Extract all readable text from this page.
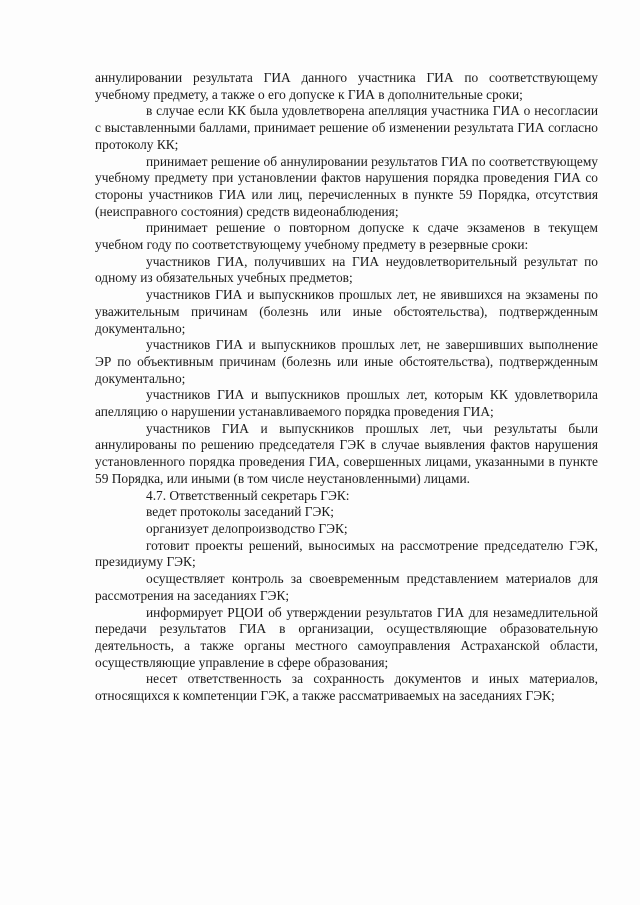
аннулировании результата ГИА данного участника ГИА по соответствующему учебному предмету, а также о его допуске к ГИА в дополнительные сроки;

в случае если КК была удовлетворена апелляция участника ГИА о несогласии с выставленными баллами, принимает решение об изменении результата ГИА согласно протоколу КК;

принимает решение об аннулировании результатов ГИА по соответствующему учебному предмету при установлении фактов нарушения порядка проведения ГИА со стороны участников ГИА или лиц, перечисленных в пункте 59 Порядка, отсутствия (неисправного состояния) средств видеонаблюдения;

принимает решение о повторном допуске к сдаче экзаменов в текущем учебном году по соответствующему учебному предмету в резервные сроки:

участников ГИА, получивших на ГИА неудовлетворительный результат по одному из обязательных учебных предметов;

участников ГИА и выпускников прошлых лет, не явившихся на экзамены по уважительным причинам (болезнь или иные обстоятельства), подтвержденным документально;

участников ГИА и выпускников прошлых лет, не завершивших выполнение ЭР по объективным причинам (болезнь или иные обстоятельства), подтвержденным документально;

участников ГИА и выпускников прошлых лет, которым КК удовлетворила апелляцию о нарушении устанавливаемого порядка проведения ГИА;

участников ГИА и выпускников прошлых лет, чьи результаты были аннулированы по решению председателя ГЭК в случае выявления фактов нарушения установленного порядка проведения ГИА, совершенных лицами, указанными в пункте 59 Порядка, или иными (в том числе неустановленными) лицами.

4.7. Ответственный секретарь ГЭК:

ведет протоколы заседаний ГЭК;

организует делопроизводство ГЭК;

готовит проекты решений, выносимых на рассмотрение председателю ГЭК, президиуму ГЭК;

осуществляет контроль за своевременным представлением материалов для рассмотрения на заседаниях ГЭК;

информирует РЦОИ об утверждении результатов ГИА для незамедлительной передачи результатов ГИА в организации, осуществляющие образовательную деятельность, а также органы местного самоуправления Астраханской области, осуществляющие управление в сфере образования;

несет ответственность за сохранность документов и иных материалов, относящихся к компетенции ГЭК, а также рассматриваемых на заседаниях ГЭК;
